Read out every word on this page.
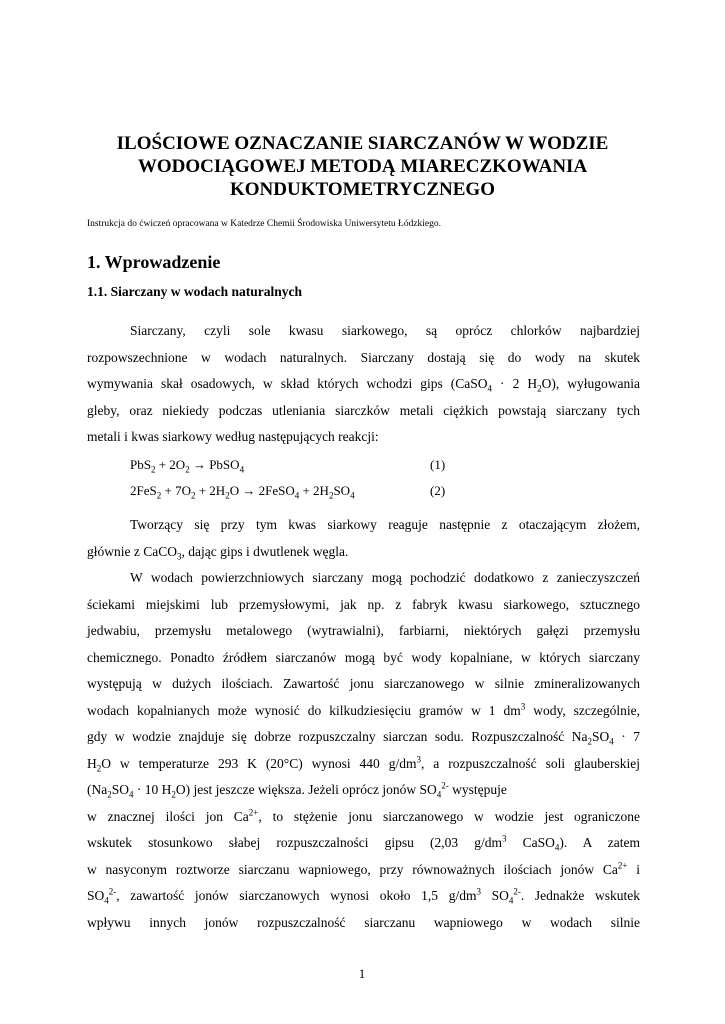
ILOŚCIOWE OZNACZANIE SIARCZANÓW W WODZIE
WODOCIĄGOWEJ METODĄ MIARECZKOWANIA
KONDUKTOMETRYCZNEGO
Instrukcja do ćwiczeń opracowana w Katedrze Chemii Środowiska Uniwersytetu Łódzkiego.
1. Wprowadzenie
1.1. Siarczany w wodach naturalnych
Siarczany, czyli sole kwasu siarkowego, są oprócz chlorków najbardziej
rozpowszechnione w wodach naturalnych. Siarczany dostają się do wody na skutek
wymywania skał osadowych, w skład których wchodzi gips (CaSO$_4$ · 2 $H_2O$), wyługowania
gleby, oraz niekiedy podczas utleniania siarczków metali ciężkich powstają siarczany tych
metali i kwas siarkowy według następujących reakcji:
$PbS_2 + 2O_2$ → PbSO$_4$	(1)
$2FeS_2 + 7O_2 + 2H_2O$ → 2FeSO$_4$ + $2H_2SO_4$	(2)
Tworzący się przy tym kwas siarkowy reaguje następnie z otaczającym złożem,
głównie z CaCO$_3$, dając gips i dwutlenek węgla.
W wodach powierzchniowych siarczany mogą pochodzić dodatkowo z zanieczyszczeń
ściekami miejskimi lub przemysłowymi, jak np. z fabryk kwasu siarkowego, sztucznego
jedwabiu, przemysłu metalowego (wytrawialni), farbiarni, niektórych gałęzi przemysłu
chemicznego. Ponadto źródłem siarczanów mogą być wody kopalniane, w których siarczany
występują w dużych ilościach. Zawartość jonu siarczanowego w silnie zmineralizowanych
wodach kopalnianych może wynosić do kilkudziesięciu gramów w 1 $dm^3$ wody, szczególnie,
gdy w wodzie znajduje się dobrze rozpuszczalny siarczan sodu. Rozpuszczalność $Na_2SO_4 \cdot 7$
$H_2O$ w temperaturze 293 K (20°C) wynosi 440 $g/dm^3$, a rozpuszczalność soli glauberskiej
($Na_2SO_4 \cdot 10$ $H_2O$) jest jeszcze większa. Jeżeli oprócz jonów $SO_4^{2-}$ występuje
w znacznej ilości jon $Ca^{2+}$, to stężenie jonu siarczanowego w wodzie jest ograniczone
wskutek stosunkowo słabej rozpuszczalności gipsu (2,03 $g/dm^3$ CaSO$_4$). A zatem
w nasyconym roztworze siarczanu wapniowego, przy równoważnych ilościach jonów $Ca^{2+}$ i
$SO_4^{2-}$, zawartość jonów siarczanowych wynosi około 1,5 $g/dm^3$ $SO_4^{2-}$. Jednakże wskutek
wpływu innych jonów rozpuszczalność siarczanu wapniowego w wodach silnie
1
